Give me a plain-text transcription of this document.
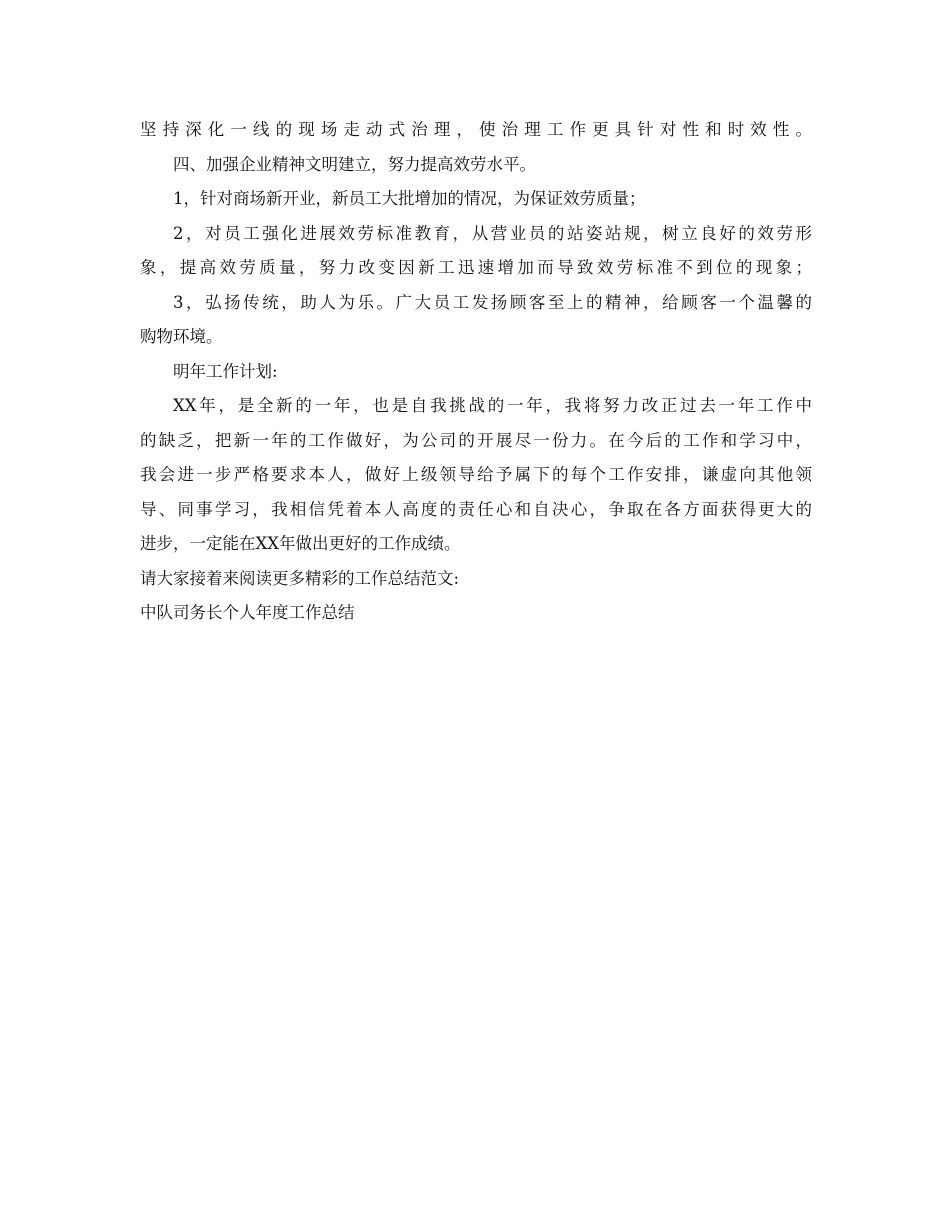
坚持深化一线的现场走动式治理，使治理工作更具针对性和时效性。
四、加强企业精神文明建立，努力提高效劳水平。
1，针对商场新开业，新员工大批增加的情况，为保证效劳质量；
2，对员工强化进展效劳标准教育，从营业员的站姿站规，树立良好的效劳形
象，提高效劳质量，努力改变因新工迅速增加而导致效劳标准不到位的现象；
3，弘扬传统，助人为乐。广大员工发扬顾客至上的精神，给顾客一个温馨的
购物环境。
明年工作计划:
XX年，是全新的一年，也是自我挑战的一年，我将努力改正过去一年工作中
的缺乏，把新一年的工作做好，为公司的开展尽一份力。在今后的工作和学习中，
我会进一步严格要求本人，做好上级领导给予属下的每个工作安排，谦虚向其他领
导、同事学习，我相信凭着本人高度的责任心和自决心，争取在各方面获得更大的
进步，一定能在XX年做出更好的工作成绩。
请大家接着来阅读更多精彩的工作总结范文:
中队司务长个人年度工作总结
